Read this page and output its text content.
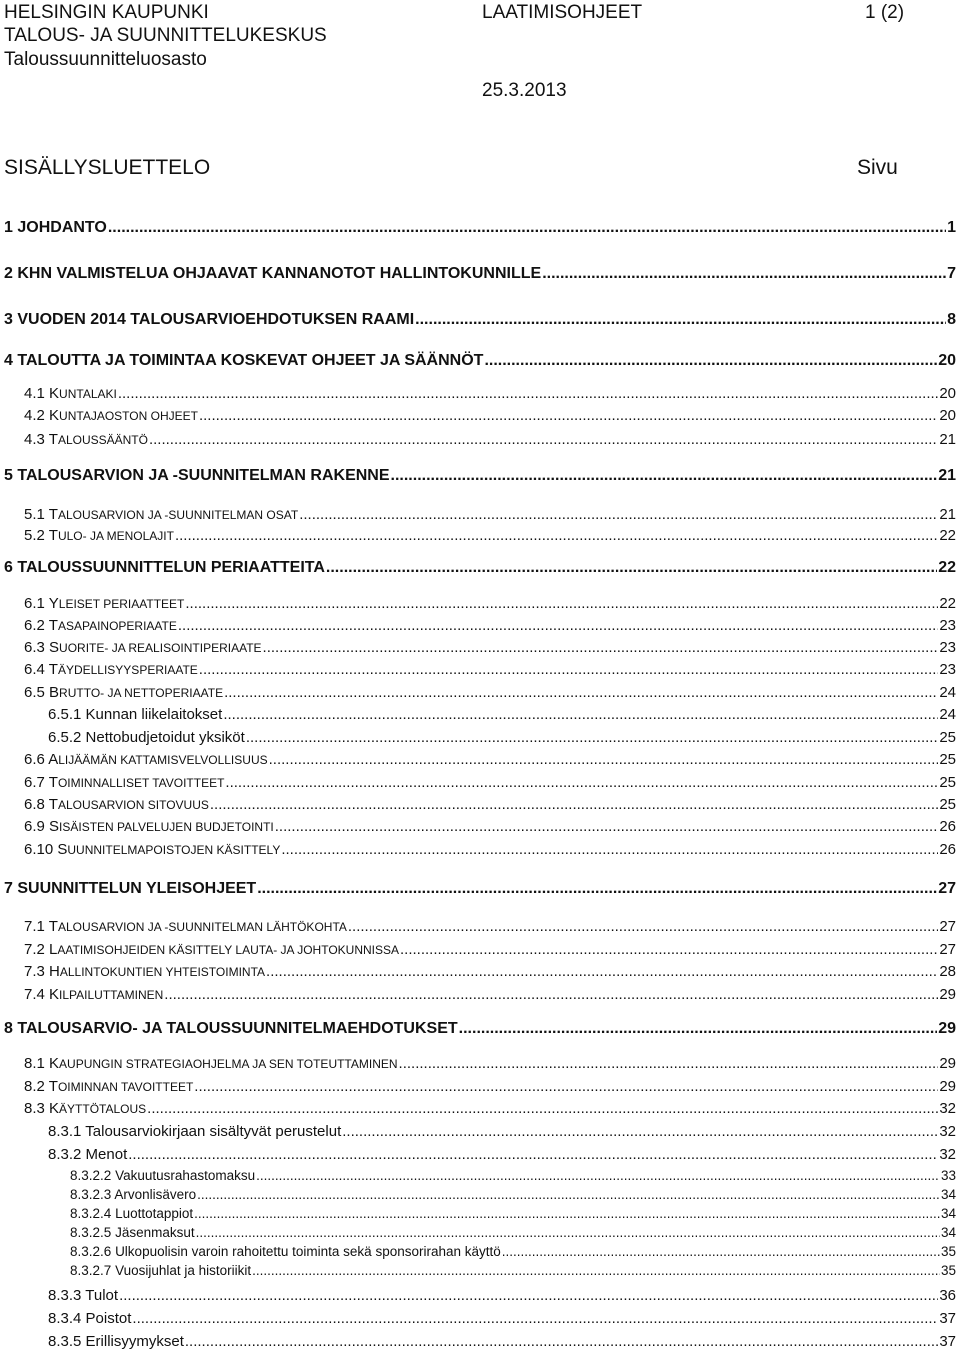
HELSINGIN KAUPUNKI
TALOUS- JA SUUNNITTELUKESKUS
Taloussuunnitteluosasto
LAATIMISOHJEET	1 (2)
25.3.2013
SISÄLLYSLUETTELO	Sivu
1 JOHDANTO .....	1
2 KHN VALMISTELUA OHJAAVAT KANNANOTOT HALLINTOKUNNILLE .....	7
3 VUODEN 2014 TALOUSARVIOEHDOTUKSEN RAAMI .....	8
4 TALOUTTA JA TOIMINTAA KOSKEVAT OHJEET JA SÄÄNNÖT .....	20
4.1 KUNTALAKI .....	20
4.2 KUNTAJAOSTON OHJEET .....	20
4.3 TALOUSSÄÄNTÖ .....	21
5 TALOUSARVION JA -SUUNNITELMAN RAKENNE .....	21
5.1 TALOUSARVION JA -SUUNNITELMAN OSAT .....	21
5.2 TULO- JA MENOLAJIT .....	22
6 TALOUSSUUNNITTELUN PERIAATTEITA .....	22
6.1 YLEISET PERIAATTEET .....	22
6.2 TASAPAINOPERIAATE .....	23
6.3 SUORITE- JA REALISOINTIPERIAATE .....	23
6.4 TÄYDELLISYYSPERIAATE .....	23
6.5 BRUTTO- JA NETTOPERIAATE .....	24
6.5.1 Kunnan liikelaitokset .....	24
6.5.2 Nettobudjetoidut yksiköt .....	25
6.6 ALIJÄÄMÄN KATTAMISVELVOLLISUUS .....	25
6.7 TOIMINNALLISET TAVOITTEET .....	25
6.8 TALOUSARVION SITOVUUS .....	25
6.9 SISÄISTEN PALVELUJEN BUDJETOINTI .....	26
6.10 SUUNNITELMAPOISTOJEN KÄSITTELY .....	26
7 SUUNNITTELUN YLEISOHJEET .....	27
7.1 TALOUSARVION JA -SUUNNITELMAN LÄHTÖKOHTA .....	27
7.2 LAATIMISOHJEIDEN KÄSITTELY LAUTA- JA JOHTOKUNNISSA .....	27
7.3 HALLINTOKUNTIEN YHTEISTOIMINTA .....	28
7.4 KILPAILUTTAMINEN .....	29
8 TALOUSARVIO- JA TALOUSSUUNNITELMAEHDOTUKSET .....	29
8.1 KAUPUNGIN STRATEGIAOHJELMA JA SEN TOTEUTTAMINEN .....	29
8.2 TOIMINNAN TAVOITTEET .....	29
8.3 KÄYTTÖTALOUS .....	32
8.3.1 Talousarviokirjaan sisältyvät perustelut .....	32
8.3.2 Menot .....	32
8.3.2.2 Vakuutusrahastomaksu .....	33
8.3.2.3 Arvonlisävero .....	34
8.3.2.4 Luottotappiot .....	34
8.3.2.5 Jäsenmaksut .....	34
8.3.2.6 Ulkopuolisin varoin rahoitettu toiminta sekä sponsorirahan käyttö .....	35
8.3.2.7 Vuosijuhlat ja historiikit .....	35
8.3.3 Tulot .....	36
8.3.4 Poistot .....	37
8.3.5 Erillisyymykset .....	37
